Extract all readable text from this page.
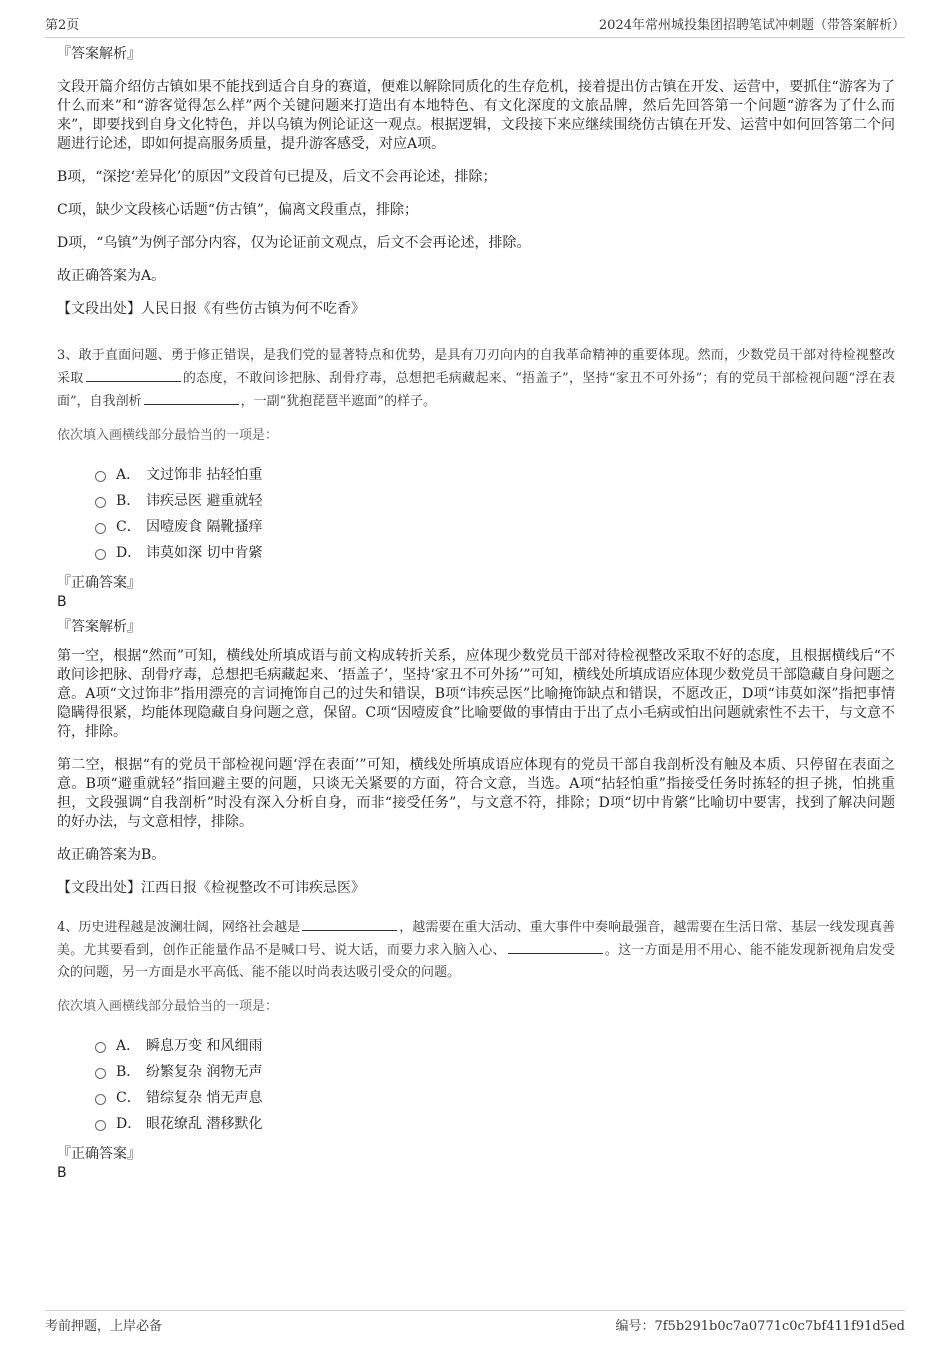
第2页	2024年常州城投集团招聘笔试冲刺题（带答案解析）
『答案解析』

文段开篇介绍仿古镇如果不能找到适合自身的赛道，便难以解除同质化的生存危机，接着提出仿古镇在开发、运营中，要抓住“游客为了什么而来”和“游客觉得怎么样”两个关键问题来打造出有本地特色、有文化深度的文旅品牌，然后先回答第一个问题“游客为了什么而来”，即要找到自身文化特色，并以乌镇为例论证这一观点。根据逻辑，文段接下来应继续围绕仿古镇在开发、运营中如何回答第二个问题进行论述，即如何提高服务质量，提升游客感受，对应A项。

B项，“深挖‘差异化’的原因”文段首句已提及，后文不会再论述，排除；

C项，缺少文段核心话题“仿古镇”，偏离文段重点，排除；

D项，“乌镇”为例子部分内容，仅为论证前文观点，后文不会再论述，排除。

故正确答案为A。

【文段出处】人民日报《有些仿古镇为何不吃香》

3、敢于直面问题、勇于修正错误，是我们党的显著特点和优势，是具有刀刃向内的自我革命精神的重要体现。然而，少数党员干部对待检视整改采取	的态度，不敢问诊把脉、刮骨疗毒，总想把毛病藏起来、“捂盖子”，坚持“家丑不可外扬”；有的党员干部检视问题“浮在表面”，自我剖析	，一副“犹抱琵琶半遮面”的样子。
依次填入画横线部分最恰当的一项是：
A． 文过饰非 拈轻怕重
B． 讳疾忌医 避重就轻
C． 因噎废食 隔靴搔痒
D． 讳莫如深 切中肯綮
『正确答案』
B
『答案解析』

第一空，根据“然而”可知，横线处所填成语与前文构成转折关系，应体现少数党员干部对待检视整改采取不好的态度，且根据横线后“不敢问诊把脉、刮骨疗毒，总想把毛病藏起来、‘捂盖子’，坚持‘家丑不可外扬’”可知，横线处所填成语应体现少数党员干部隐藏自身问题之意。A项“文过饰非”指用漂亮的言词掩饰自己的过失和错误，B项“讳疾忌医”比喻掩饰缺点和错误，不愿改正，D项“讳莫如深”指把事情隐瞒得很紧，均能体现隐藏自身问题之意，保留。C项“因噎废食”比喻要做的事情由于出了点小毛病或怕出问题就索性不去干，与文意不符，排除。

第二空，根据“有的党员干部检视问题‘浮在表面’”可知，横线处所填成语应体现有的党员干部自我剖析没有触及本质、只停留在表面之意。B项“避重就轻”指回避主要的问题，只谈无关紧要的方面，符合文意，当选。A项“拈轻怕重”指接受任务时拣轻的担子挑，怕挑重担，文段强调“自我剖析”时没有深入分析自身，而非“接受任务”，与文意不符，排除；D项“切中肯綮”比喻切中要害，找到了解决问题的好办法，与文意相悖，排除。

故正确答案为B。

【文段出处】江西日报《检视整改不可讳疾忌医》

4、历史进程越是波澜壮阔，网络社会越是	，越需要在重大活动、重大事件中奏响最强音，越需要在生活日常、基层一线发现真善美。尤其要看到，创作正能量作品不是喊口号、说大话，而要力求入脑入心、	。这一方面是用不用心、能不能发现新视角启发受众的问题，另一方面是水平高低、能不能以时尚表达吸引受众的问题。
依次填入画横线部分最恰当的一项是：
A． 瞬息万变 和风细雨
B． 纷繁复杂 润物无声
C． 错综复杂 悄无声息
D． 眼花缭乱 潜移默化
『正确答案』
B
考前押题，上岸必备	编号：7f5b291b0c7a0771c0c7bf411f91d5ed
